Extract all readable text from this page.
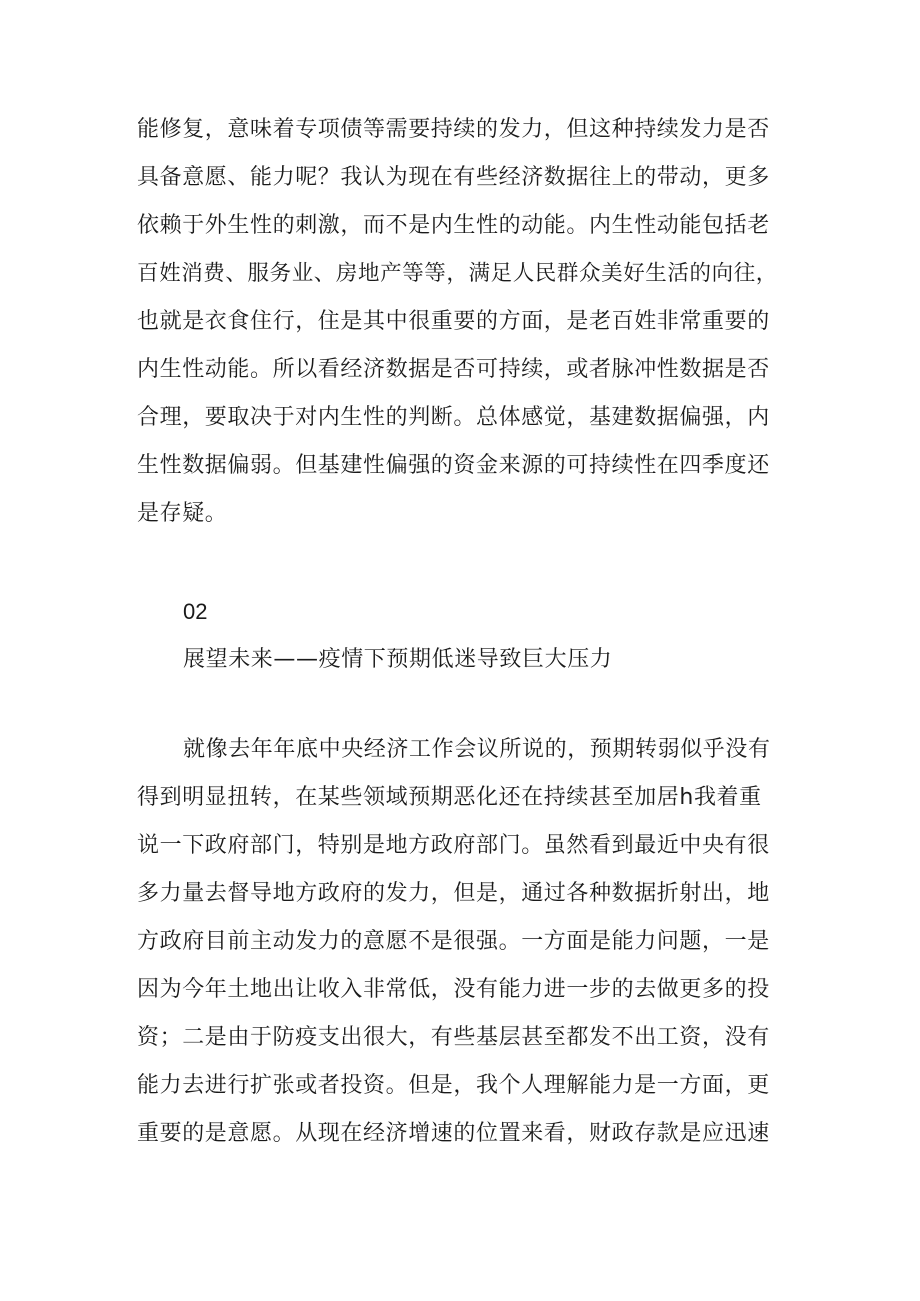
能修复，意味着专项债等需要持续的发力，但这种持续发力是否
具备意愿、能力呢？我认为现在有些经济数据往上的带动，更多
依赖于外生性的刺激，而不是内生性的动能。内生性动能包括老
百姓消费、服务业、房地产等等，满足人民群众美好生活的向往，
也就是衣食住行，住是其中很重要的方面，是老百姓非常重要的
内生性动能。所以看经济数据是否可持续，或者脉冲性数据是否
合理，要取决于对内生性的判断。总体感觉，基建数据偏强，内
生性数据偏弱。但基建性偏强的资金来源的可持续性在四季度还
是存疑。
02
展望未来——疫情下预期低迷导致巨大压力
就像去年年底中央经济工作会议所说的，预期转弱似乎没有
得到明显扭转，在某些领域预期恶化还在持续甚至加居h我着重
说一下政府部门，特别是地方政府部门。虽然看到最近中央有很
多力量去督导地方政府的发力，但是，通过各种数据折射出，地
方政府目前主动发力的意愿不是很强。一方面是能力问题，一是
因为今年土地出让收入非常低，没有能力进一步的去做更多的投
资；二是由于防疫支出很大，有些基层甚至都发不出工资，没有
能力去进行扩张或者投资。但是，我个人理解能力是一方面，更
重要的是意愿。从现在经济增速的位置来看，财政存款是应迅速
